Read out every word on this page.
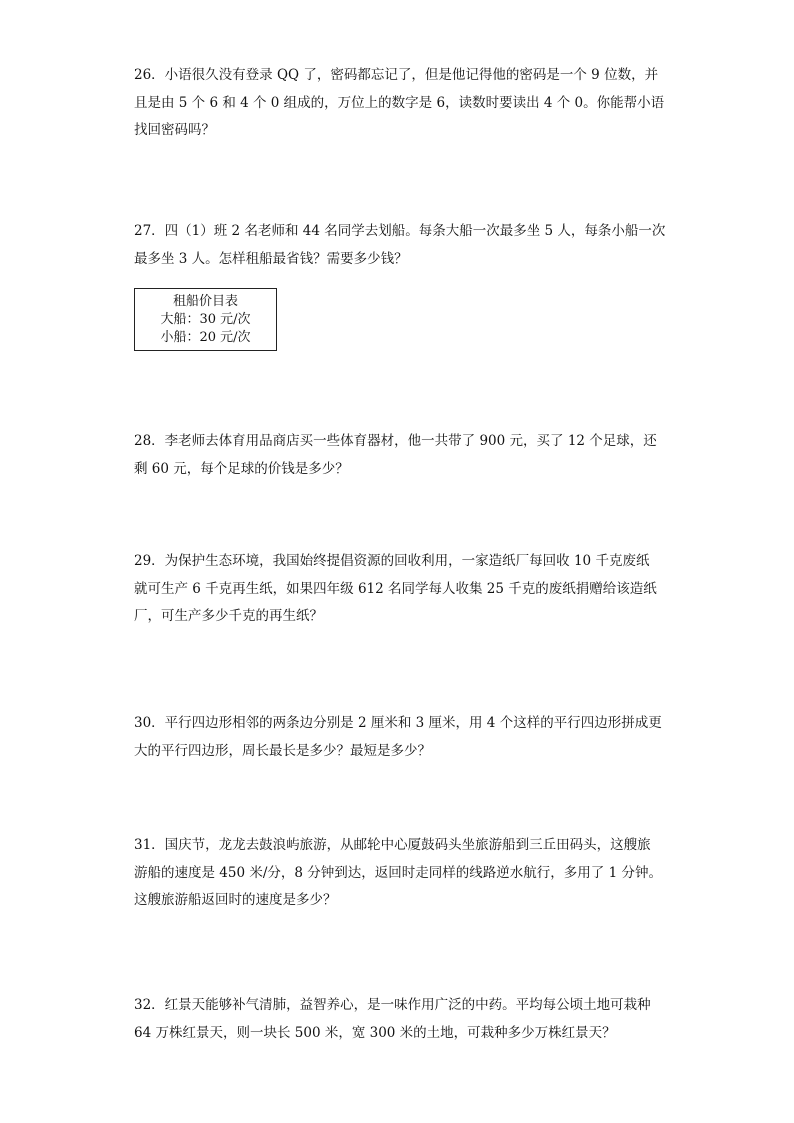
26．小语很久没有登录 QQ 了，密码都忘记了，但是他记得他的密码是一个 9 位数，并
且是由 5 个 6 和 4 个 0 组成的，万位上的数字是 6，读数时要读出 4 个 0。你能帮小语
找回密码吗？
27．四（1）班 2 名老师和 44 名同学去划船。每条大船一次最多坐 5 人，每条小船一次
最多坐 3 人。怎样租船最省钱？需要多少钱？
租船价目表
大船：30 元/次
小船：20 元/次
28．李老师去体育用品商店买一些体育器材，他一共带了 900 元，买了 12 个足球，还
剩 60 元，每个足球的价钱是多少？
29．为保护生态环境，我国始终提倡资源的回收利用，一家造纸厂每回收 10 千克废纸
就可生产 6 千克再生纸，如果四年级 612 名同学每人收集 25 千克的废纸捐赠给该造纸
厂，可生产多少千克的再生纸？
30．平行四边形相邻的两条边分别是 2 厘米和 3 厘米，用 4 个这样的平行四边形拼成更
大的平行四边形，周长最长是多少？最短是多少？
31．国庆节，龙龙去鼓浪屿旅游，从邮轮中心厦鼓码头坐旅游船到三丘田码头，这艘旅
游船的速度是 450 米/分，8 分钟到达，返回时走同样的线路逆水航行，多用了 1 分钟。
这艘旅游船返回时的速度是多少？
32．红景天能够补气清肺，益智养心，是一味作用广泛的中药。平均每公顷土地可栽种
64 万株红景天，则一块长 500 米，宽 300 米的土地，可栽种多少万株红景天？
